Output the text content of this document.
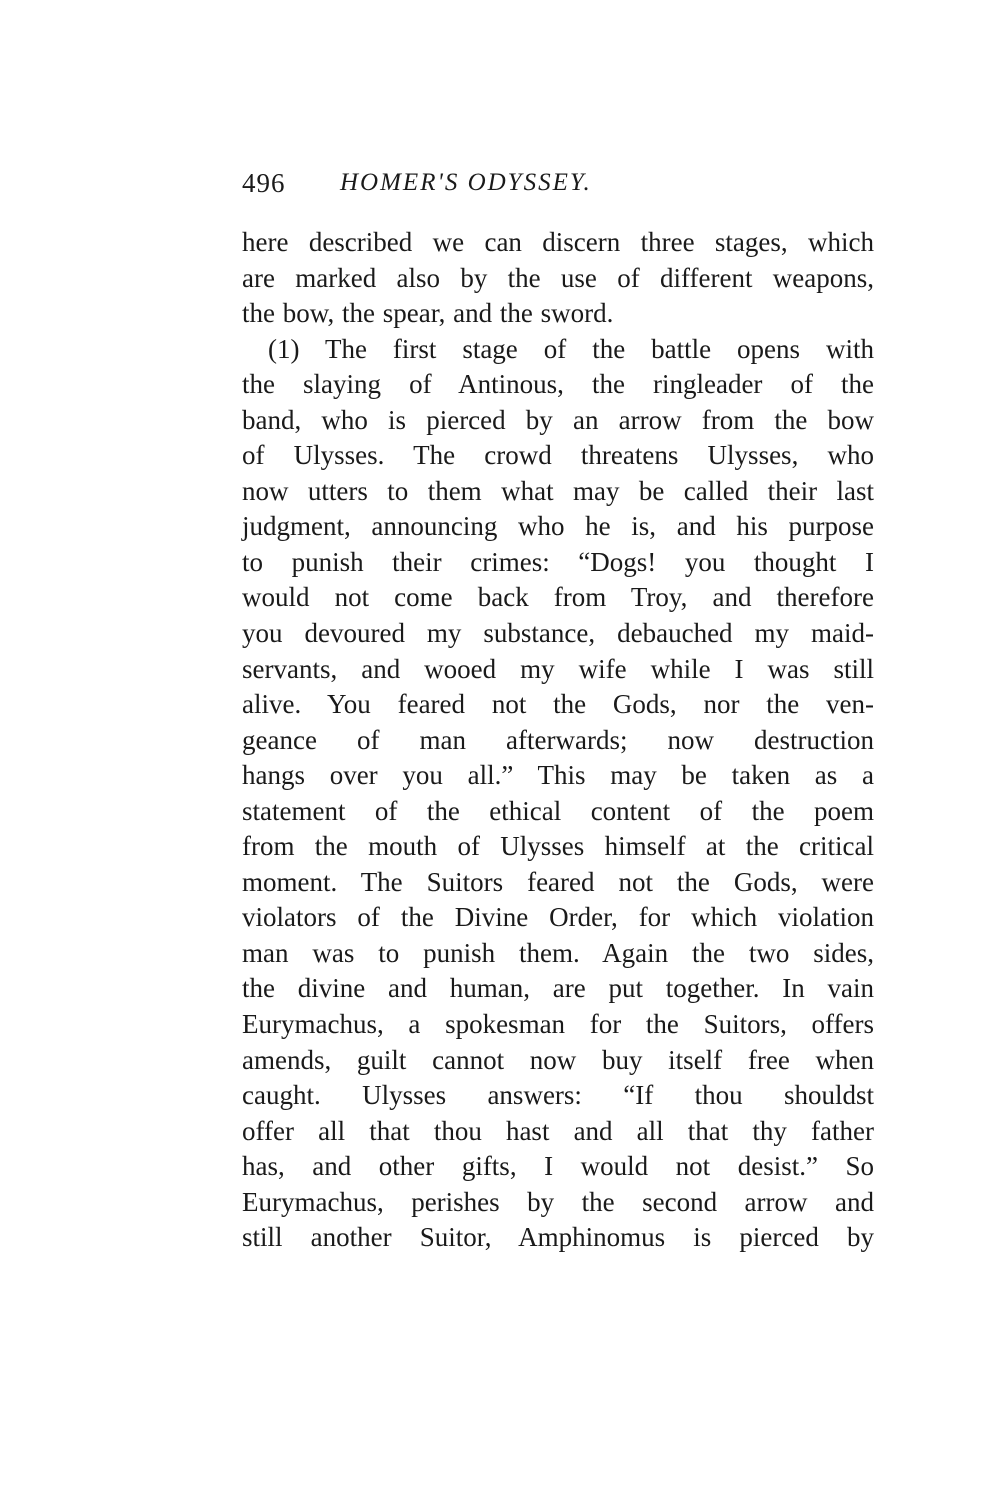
496 HOMER'S ODYSSEY.
here described we can discern three stages, which
are marked also by the use of different weapons,
the bow, the spear, and the sword.
(1) The first stage of the battle opens with
the slaying of Antinous, the ringleader of the
band, who is pierced by an arrow from the bow
of Ulysses. The crowd threatens Ulysses, who
now utters to them what may be called their last
judgment, announcing who he is, and his purpose
to punish their crimes: “Dogs! you thought I
would not come back from Troy, and therefore
you devoured my substance, debauched my maid-
servants, and wooed my wife while I was still
alive. You feared not the Gods, nor the ven-
geance of man afterwards; now destruction
hangs over you all.” This may be taken as a
statement of the ethical content of the poem
from the mouth of Ulysses himself at the critical
moment. The Suitors feared not the Gods, were
violators of the Divine Order, for which violation
man was to punish them. Again the two sides,
the divine and human, are put together. In vain
Eurymachus, a spokesman for the Suitors, offers
amends, guilt cannot now buy itself free when
caught. Ulysses answers: “If thou shouldst
offer all that thou hast and all that thy father
has, and other gifts, I would not desist.” So
Eurymachus, perishes by the second arrow and
still another Suitor, Amphinomus is pierced by
